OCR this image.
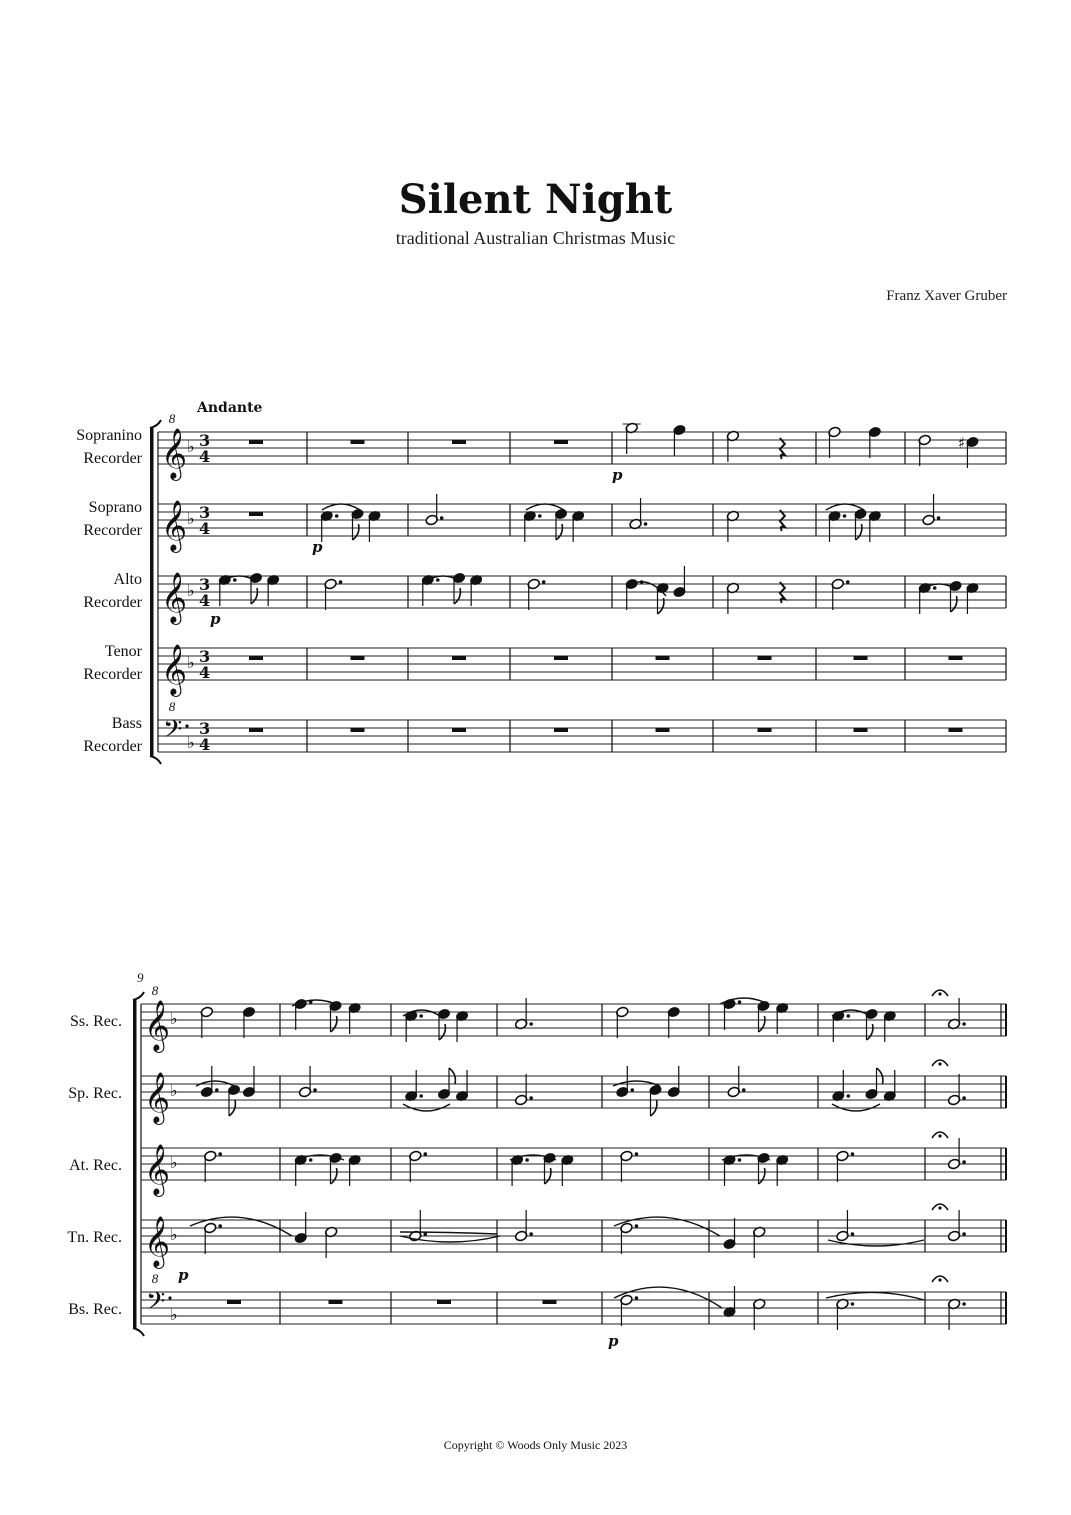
Silent Night
traditional Australian Christmas Music
Franz Xaver Gruber
𝄞
8
♭ 3
4
Sopranino
Recorder
𝄞 ♭ 3
4
Soprano
Recorder
𝄞 ♭ 3
4
Alto
Recorder
𝄞 ♭ 3
4
Tenor
Recorder
𝄢
8
♭
3
4
Bass
Recorder
𝄞
8
♭
Ss. Rec.
𝄞 ♭
Sp. Rec.
𝄞 ♭
At. Rec.
𝄞 ♭
Tn. Rec.
𝄢
8
♭
Bs. Rec.
9
Andante
p
p
p
p
p
♯
Copyright © Woods Only Music 2023
